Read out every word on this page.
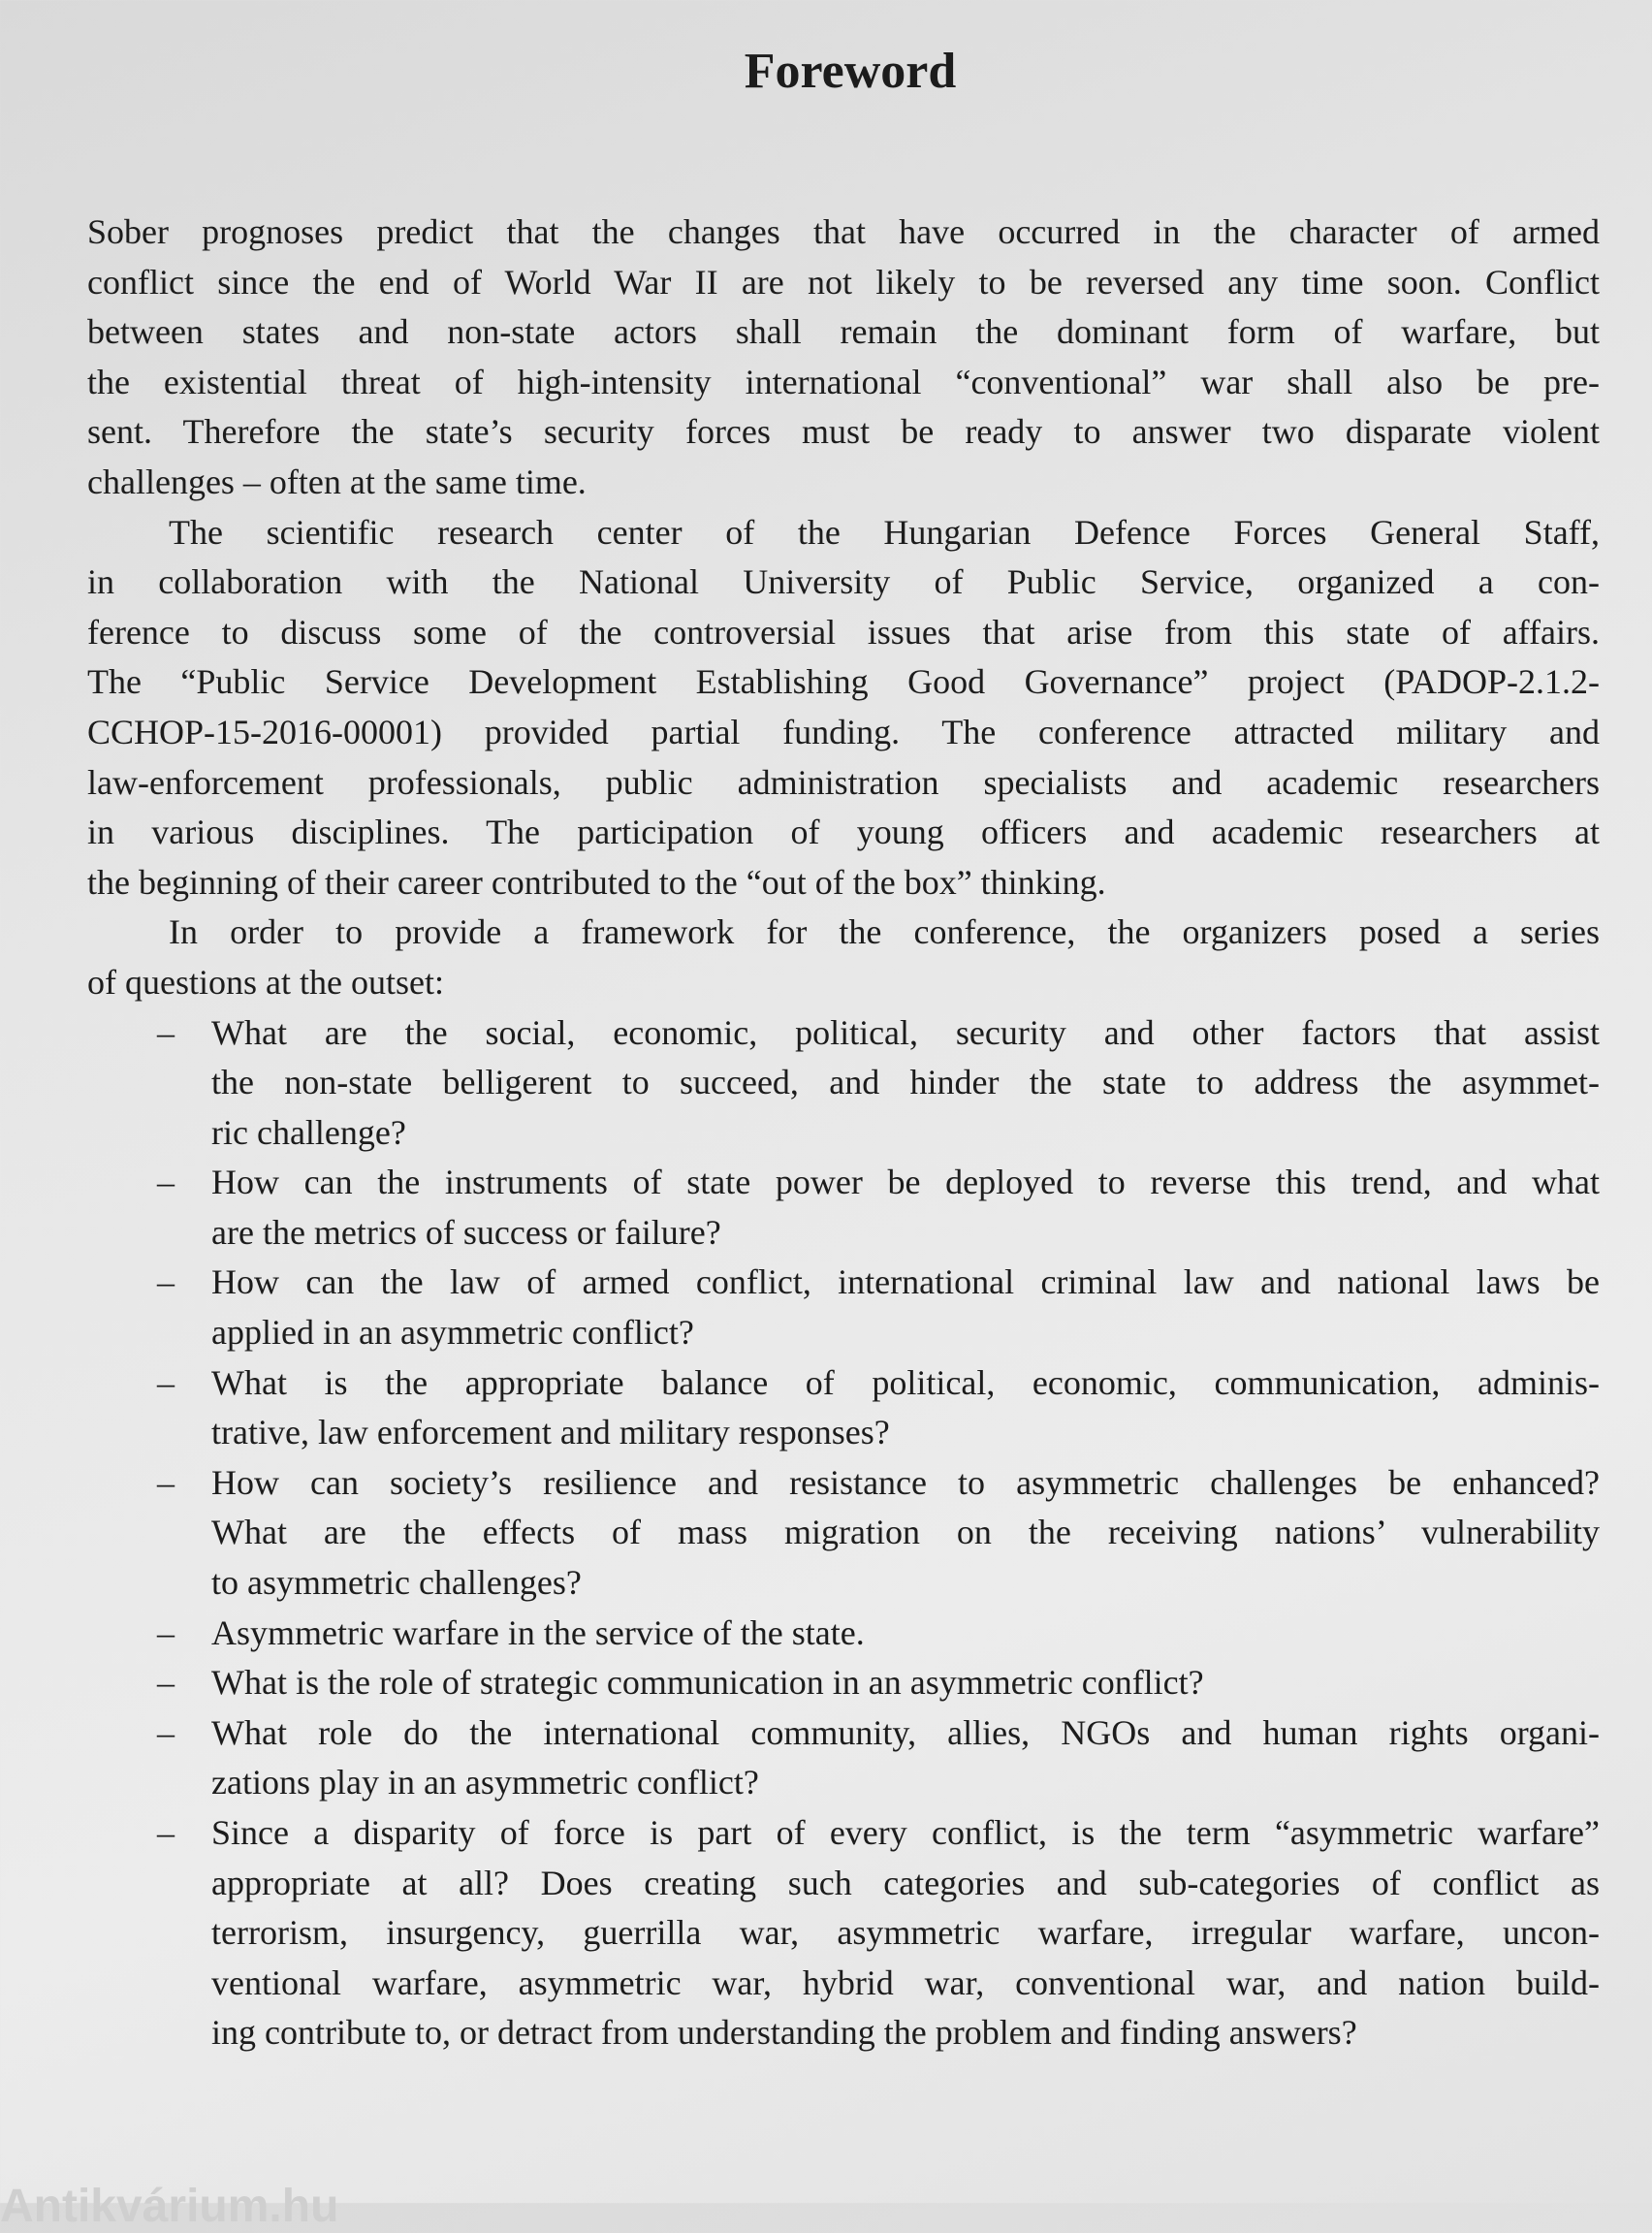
Foreword
Sober prognoses predict that the changes that have occurred in the character of armed
conflict since the end of World War II are not likely to be reversed any time soon. Conflict
between states and non-state actors shall remain the dominant form of warfare, but
the existential threat of high-intensity international “conventional” war shall also be pre-
sent. Therefore the state’s security forces must be ready to answer two disparate violent
challenges – often at the same time.
The scientific research center of the Hungarian Defence Forces General Staff,
in collaboration with the National University of Public Service, organized a con-
ference to discuss some of the controversial issues that arise from this state of affairs.
The “Public Service Development Establishing Good Governance” project (PADOP-2.1.2-
CCHOP-15-2016-00001) provided partial funding. The conference attracted military and
law-enforcement professionals, public administration specialists and academic researchers
in various disciplines. The participation of young officers and academic researchers at
the beginning of their career contributed to the “out of the box” thinking.
In order to provide a framework for the conference, the organizers posed a series
of questions at the outset:
– What are the social, economic, political, security and other factors that assist
the non-state belligerent to succeed, and hinder the state to address the asymmet-
ric challenge?
– How can the instruments of state power be deployed to reverse this trend, and what
are the metrics of success or failure?
– How can the law of armed conflict, international criminal law and national laws be
applied in an asymmetric conflict?
– What is the appropriate balance of political, economic, communication, adminis-
trative, law enforcement and military responses?
– How can society’s resilience and resistance to asymmetric challenges be enhanced?
What are the effects of mass migration on the receiving nations’ vulnerability
to asymmetric challenges?
– Asymmetric warfare in the service of the state.
– What is the role of strategic communication in an asymmetric conflict?
– What role do the international community, allies, NGOs and human rights organi-
zations play in an asymmetric conflict?
– Since a disparity of force is part of every conflict, is the term “asymmetric warfare”
appropriate at all? Does creating such categories and sub-categories of conflict as
terrorism, insurgency, guerrilla war, asymmetric warfare, irregular warfare, uncon-
ventional warfare, asymmetric war, hybrid war, conventional war, and nation build-
ing contribute to, or detract from understanding the problem and finding answers?
Antikvárium.hu
